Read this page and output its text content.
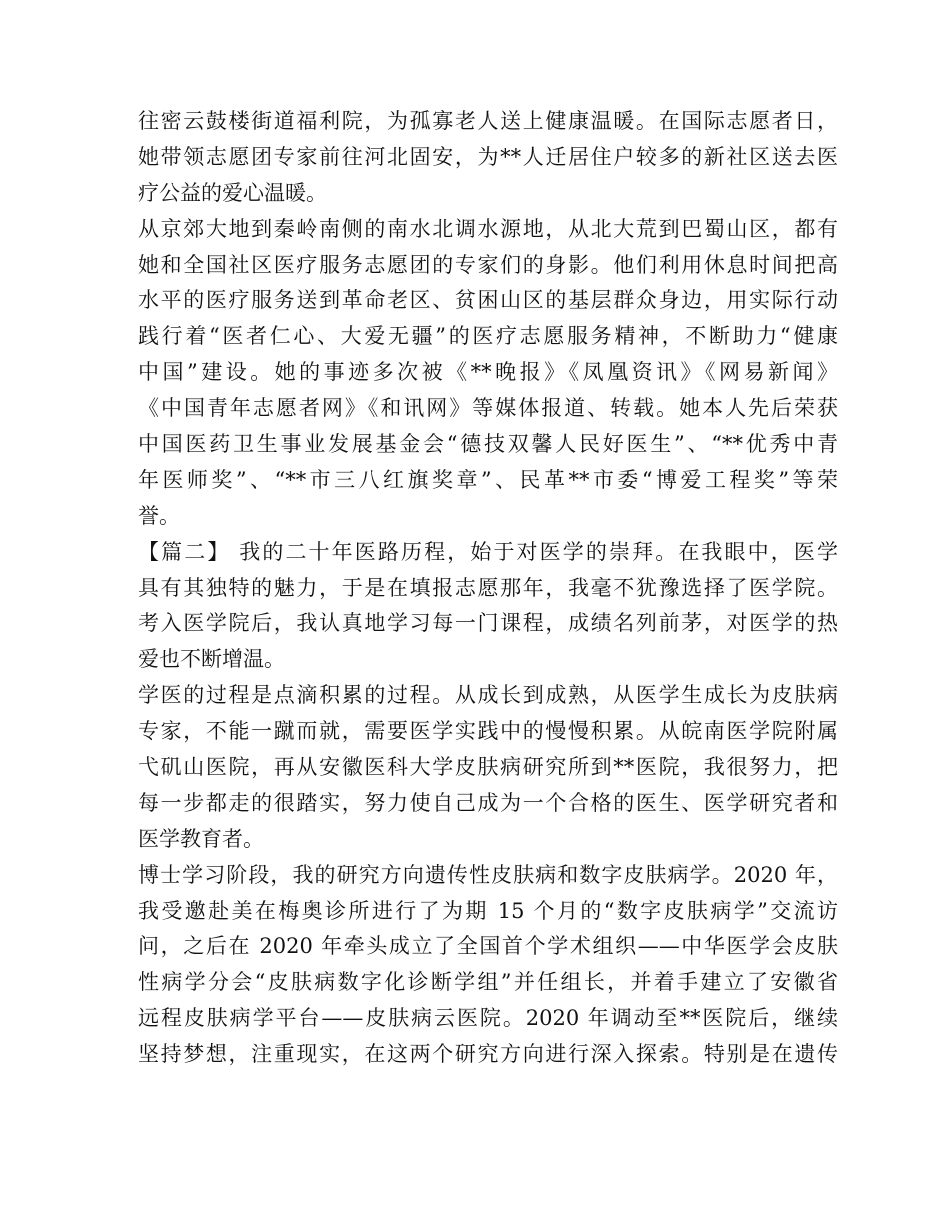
往密云鼓楼街道福利院，为孤寡老人送上健康温暖。在国际志愿者日，
她带领志愿团专家前往河北固安，为**人迁居住户较多的新社区送去医
疗公益的爱心温暖。
从京郊大地到秦岭南侧的南水北调水源地，从北大荒到巴蜀山区，都有
她和全国社区医疗服务志愿团的专家们的身影。他们利用休息时间把高
水平的医疗服务送到革命老区、贫困山区的基层群众身边，用实际行动
践行着“医者仁心、大爱无疆”的医疗志愿服务精神，不断助力“健康
中国”建设。她的事迹多次被《**晚报》《凤凰资讯》《网易新闻》
《中国青年志愿者网》《和讯网》等媒体报道、转载。她本人先后荣获
中国医药卫生事业发展基金会“德技双馨人民好医生”、“**优秀中青
年医师奖”、“**市三八红旗奖章”、民革**市委“博爱工程奖”等荣
誉。
【篇二】 我的二十年医路历程，始于对医学的崇拜。在我眼中，医学
具有其独特的魅力，于是在填报志愿那年，我毫不犹豫选择了医学院。
考入医学院后，我认真地学习每一门课程，成绩名列前茅，对医学的热
爱也不断增温。
学医的过程是点滴积累的过程。从成长到成熟，从医学生成长为皮肤病
专家，不能一蹴而就，需要医学实践中的慢慢积累。从皖南医学院附属
弋矶山医院，再从安徽医科大学皮肤病研究所到**医院，我很努力，把
每一步都走的很踏实，努力使自己成为一个合格的医生、医学研究者和
医学教育者。
博士学习阶段，我的研究方向遗传性皮肤病和数字皮肤病学。2020 年，
我受邀赴美在梅奥诊所进行了为期 15 个月的“数字皮肤病学”交流访
问，之后在 2020 年牵头成立了全国首个学术组织——中华医学会皮肤
性病学分会“皮肤病数字化诊断学组”并任组长，并着手建立了安徽省
远程皮肤病学平台——皮肤病云医院。2020 年调动至**医院后，继续
坚持梦想，注重现实，在这两个研究方向进行深入探索。特别是在遗传
